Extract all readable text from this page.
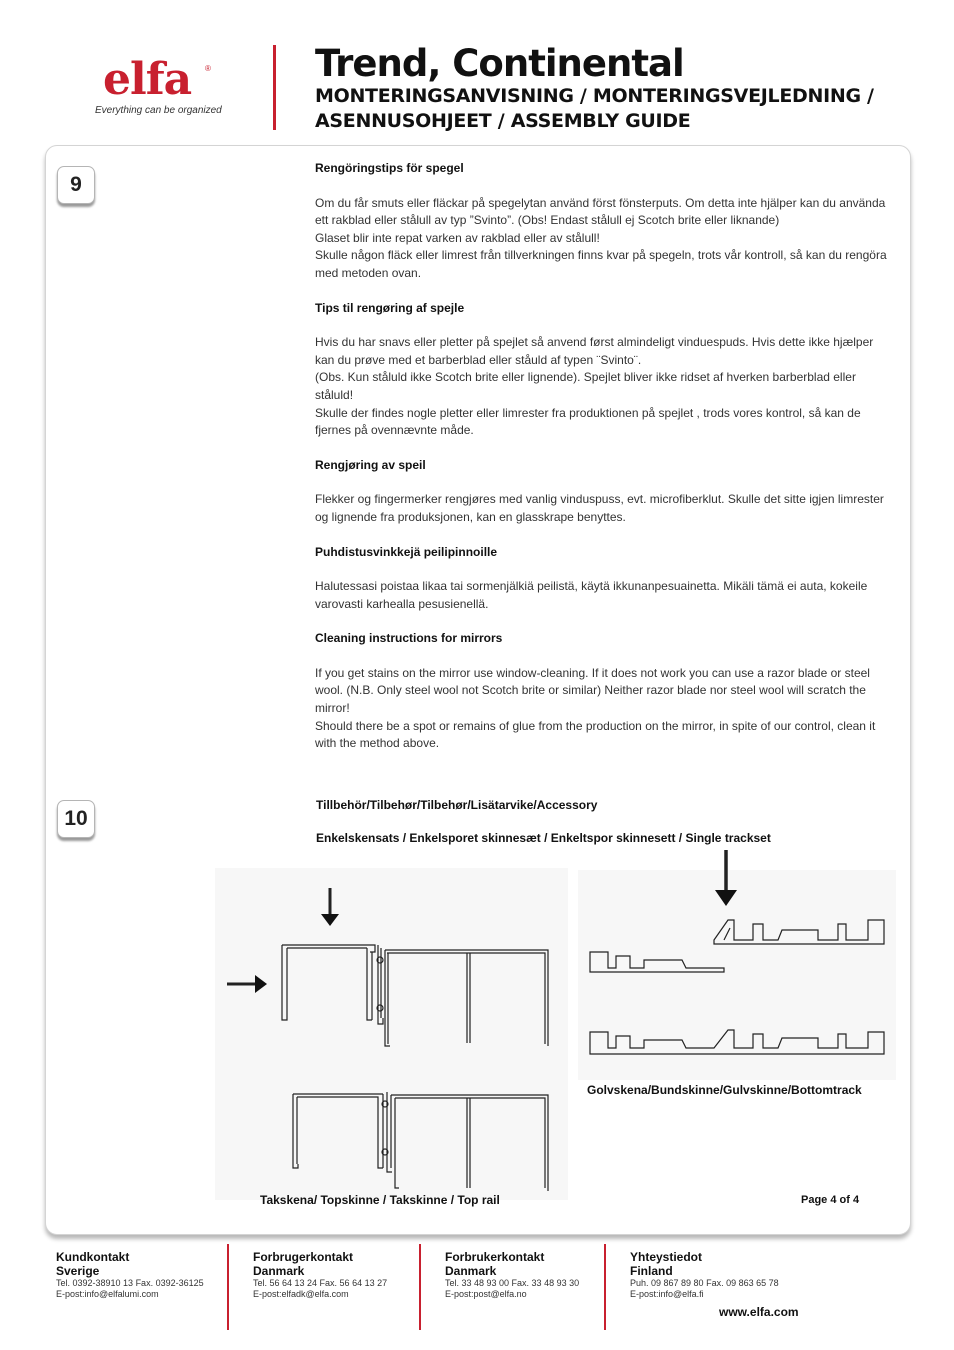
elfa ®
Everything can be organized
Trend, Continental
MONTERINGSANVISNING / MONTERINGSVEJLEDNING / ASENNUSOHJEET / ASSEMBLY GUIDE
9
10

Rengöringstips för spegel

Om du får smuts eller fläckar på spegelytan använd först fönsterputs. Om detta inte hjälper kan du använda ett rakblad eller stålull av typ ”Svinto”. (Obs! Endast stålull ej Scotch brite eller liknande)
Glaset blir inte repat varken av rakblad eller av stålull!
Skulle någon fläck eller limrest från tillverkningen finns kvar på spegeln, trots vår kontroll, så kan du rengöra med metoden ovan.

Tips til rengøring af spejle

Hvis du har snavs eller pletter på spejlet så anvend først almindeligt vinduespuds. Hvis dette ikke hjælper kan du prøve med et barberblad eller ståuld af typen ¨Svinto¨.
(Obs. Kun ståluld ikke Scotch brite eller lignende). Spejlet bliver ikke ridset af hverken barberblad eller ståluld!
Skulle der findes nogle pletter eller limrester fra produktionen på spejlet , trods vores kontrol, så kan de fjernes på ovennævnte måde.

Rengjøring av speil

Flekker og fingermerker rengjøres med vanlig vinduspuss, evt. microfiberklut. Skulle det sitte igjen limrester og lignende fra produksjonen, kan en glasskrape benyttes.

Puhdistusvinkkejä peilipinnoille

Halutessasi poistaa likaa tai sormenjälkiä peilistä, käytä ikkunanpesuainetta. Mikäli tämä ei auta, kokeile varovasti karhealla pesusienellä.

Cleaning instructions for mirrors

If you get stains on the mirror use window-cleaning. If it does not work you can use a razor blade or steel wool. (N.B. Only steel wool not Scotch brite or similar) Neither razor blade nor steel wool will scratch the mirror!
Should there be a spot or remains of glue from the production on the mirror, in spite of our control, clean it with the method above.

Tillbehör/Tilbehør/Tilbehør/Lisätarvike/Accessory
Enkelskensats / Enkelsporet skinnesæt / Enkeltspor skinnesett / Single trackset
Takskena/ Topskinne / Takskinne / Top rail
Golvskena/Bundskinne/Gulvskinne/Bottomtrack
Page 4 of 4
Kundkontakt
Sverige
Tel. 0392-38910 13 Fax. 0392-36125
E-post:info@elfalumi.com
Forbrugerkontakt
Danmark
Tel. 56 64 13 24 Fax. 56 64 13 27
E-post:elfadk@elfa.com
Forbrukerkontakt
Danmark
Tel. 33 48 93 00 Fax. 33 48 93 30
E-post:post@elfa.no
Yhteystiedot
Finland
Puh. 09 867 89 80 Fax. 09 863 65 78
E-post:info@elfa.fi
www.elfa.com
